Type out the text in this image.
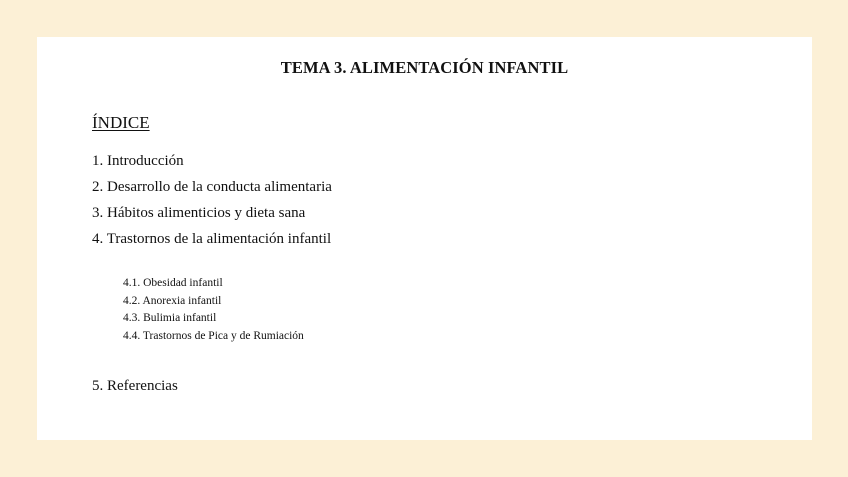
TEMA 3. ALIMENTACIÓN INFANTIL
ÍNDICE
1. Introducción
2. Desarrollo de la conducta alimentaria
3. Hábitos alimenticios y dieta sana
4. Trastornos de la alimentación infantil
4.1. Obesidad infantil
4.2. Anorexia infantil
4.3. Bulimia infantil
4.4. Trastornos de Pica y de Rumiación
5. Referencias
